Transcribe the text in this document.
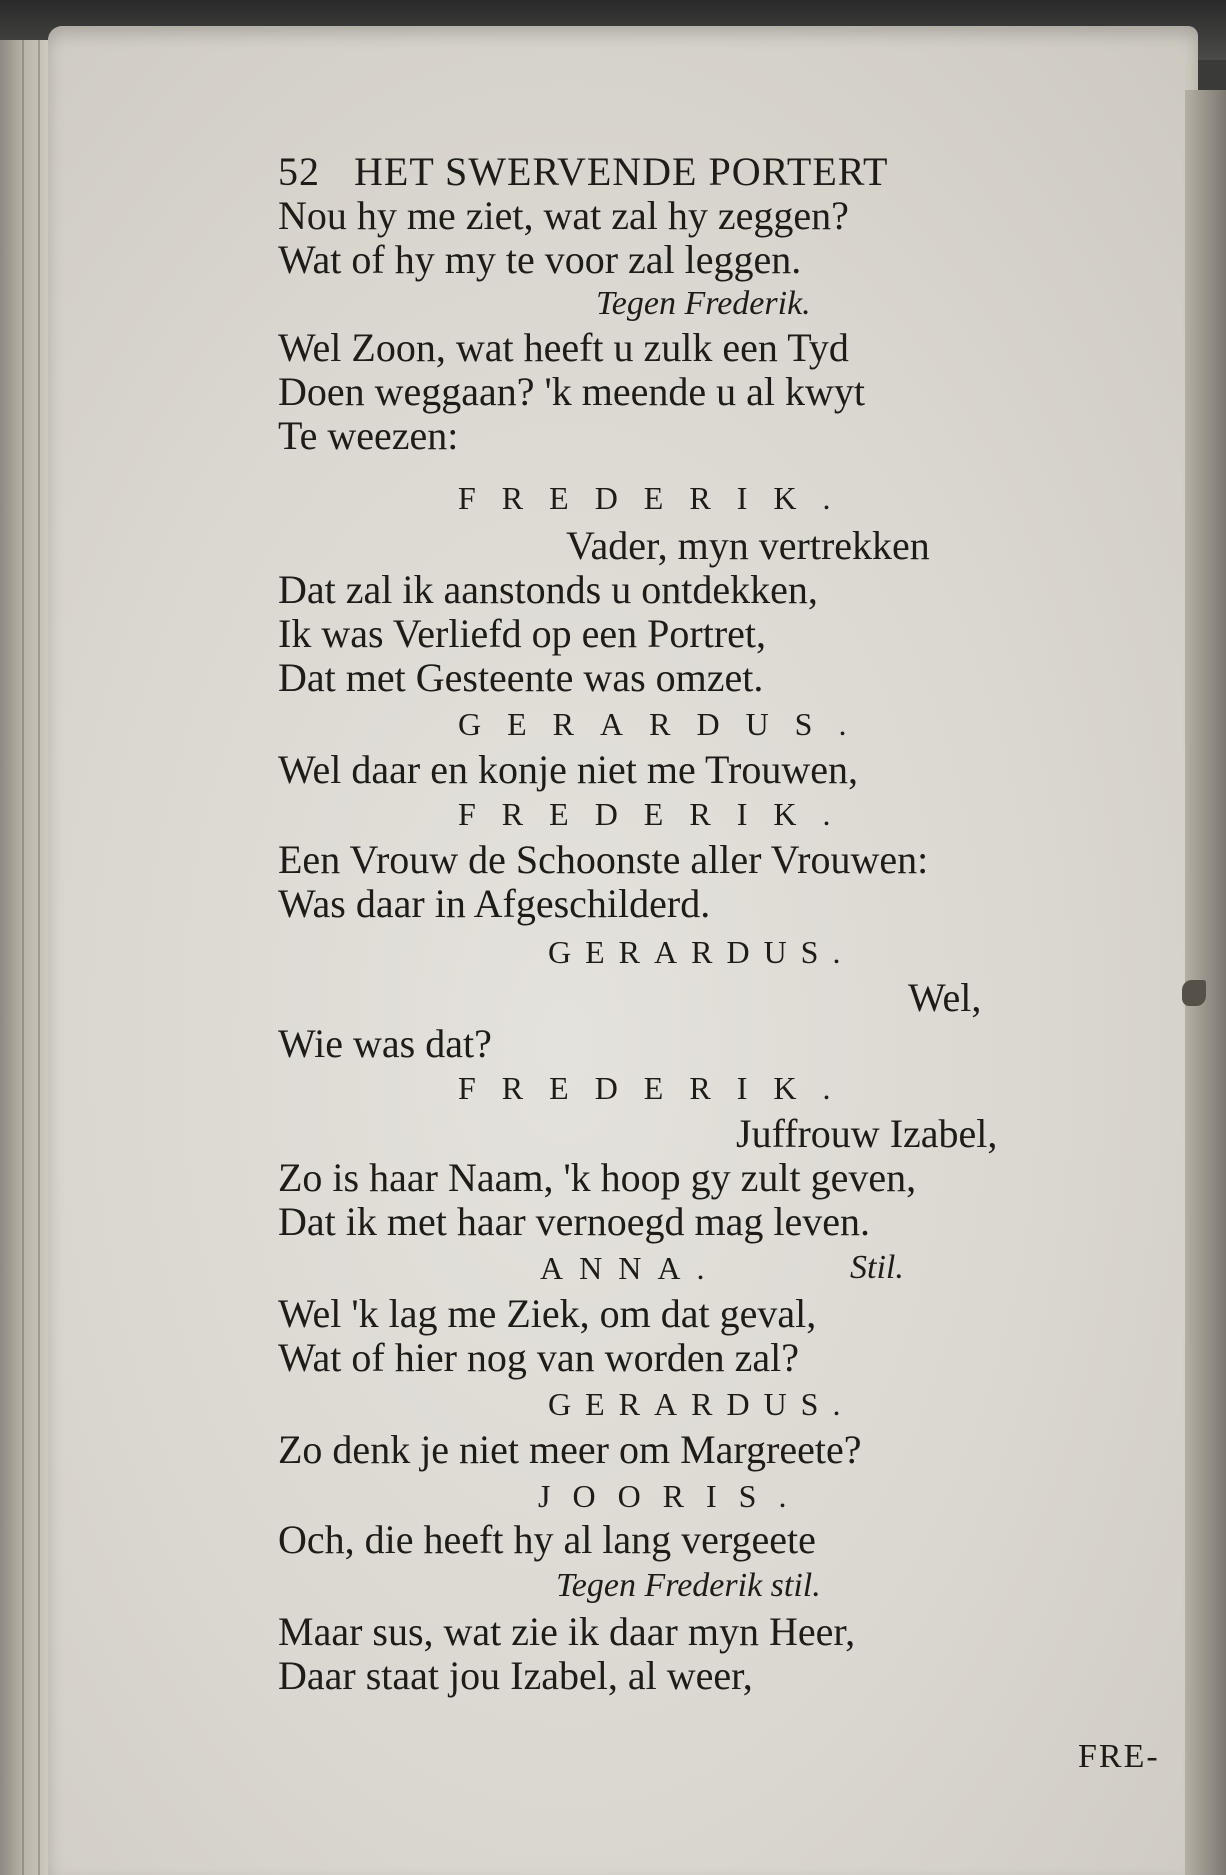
52 HET SWERVENDE PORTERT
Nou hy me ziet, wat zal hy zeggen?
Wat of hy my te voor zal leggen.
Tegen Frederik.
Wel Zoon, wat heeft u zulk een Tyd
Doen weggaan? 'k meende u al kwyt
Te weezen:
FREDERIK.
Vader, myn vertrekken
Dat zal ik aanstonds u ontdekken,
Ik was Verliefd op een Portret,
Dat met Gesteente was omzet.
GERARDUS.
Wel daar en konje niet me Trouwen,
FREDERIK.
Een Vrouw de Schoonste aller Vrouwen:
Was daar in Afgeschilderd.
GERARDUS.
Wel,
Wie was dat?
FREDERIK.
Juffrouw Izabel,
Zo is haar Naam, 'k hoop gy zult geven,
Dat ik met haar vernoegd mag leven.
ANNA.	Stil.
Wel 'k lag me Ziek, om dat geval,
Wat of hier nog van worden zal?
GERARDUS.
Zo denk je niet meer om Margreete?
JOORIS.
Och, die heeft hy al lang vergeete
Tegen Frederik stil.
Maar sus, wat zie ik daar myn Heer,
Daar staat jou Izabel, al weer,
FRE-
